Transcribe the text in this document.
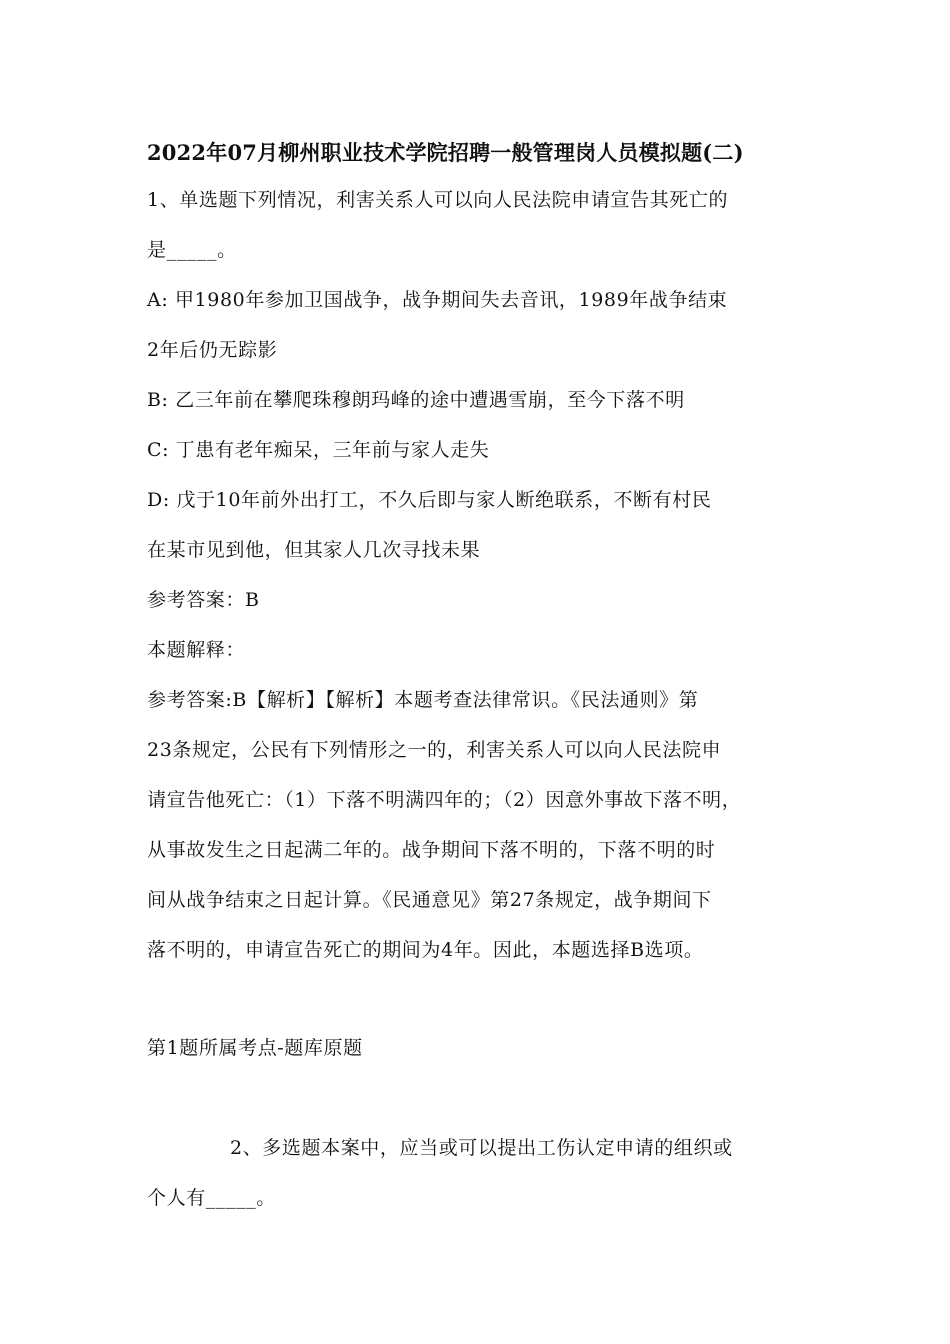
2022年07月柳州职业技术学院招聘一般管理岗人员模拟题(二)
1、单选题下列情况，利害关系人可以向人民法院申请宣告其死亡的
是_____。
A: 甲1980年参加卫国战争，战争期间失去音讯，1989年战争结束
2年后仍无踪影
B: 乙三年前在攀爬珠穆朗玛峰的途中遭遇雪崩，至今下落不明
C: 丁患有老年痴呆，三年前与家人走失
D: 戊于10年前外出打工，不久后即与家人断绝联系，不断有村民
在某市见到他，但其家人几次寻找未果
参考答案：B
本题解释：
参考答案:B【解析】【解析】本题考查法律常识。《民法通则》第
23条规定，公民有下列情形之一的，利害关系人可以向人民法院申
请宣告他死亡：（1）下落不明满四年的；（2）因意外事故下落不明，
从事故发生之日起满二年的。战争期间下落不明的，下落不明的时
间从战争结束之日起计算。《民通意见》第27条规定，战争期间下
落不明的，申请宣告死亡的期间为4年。因此，本题选择B选项。
第1题所属考点-题库原题
2、多选题本案中，应当或可以提出工伤认定申请的组织或
个人有_____。
